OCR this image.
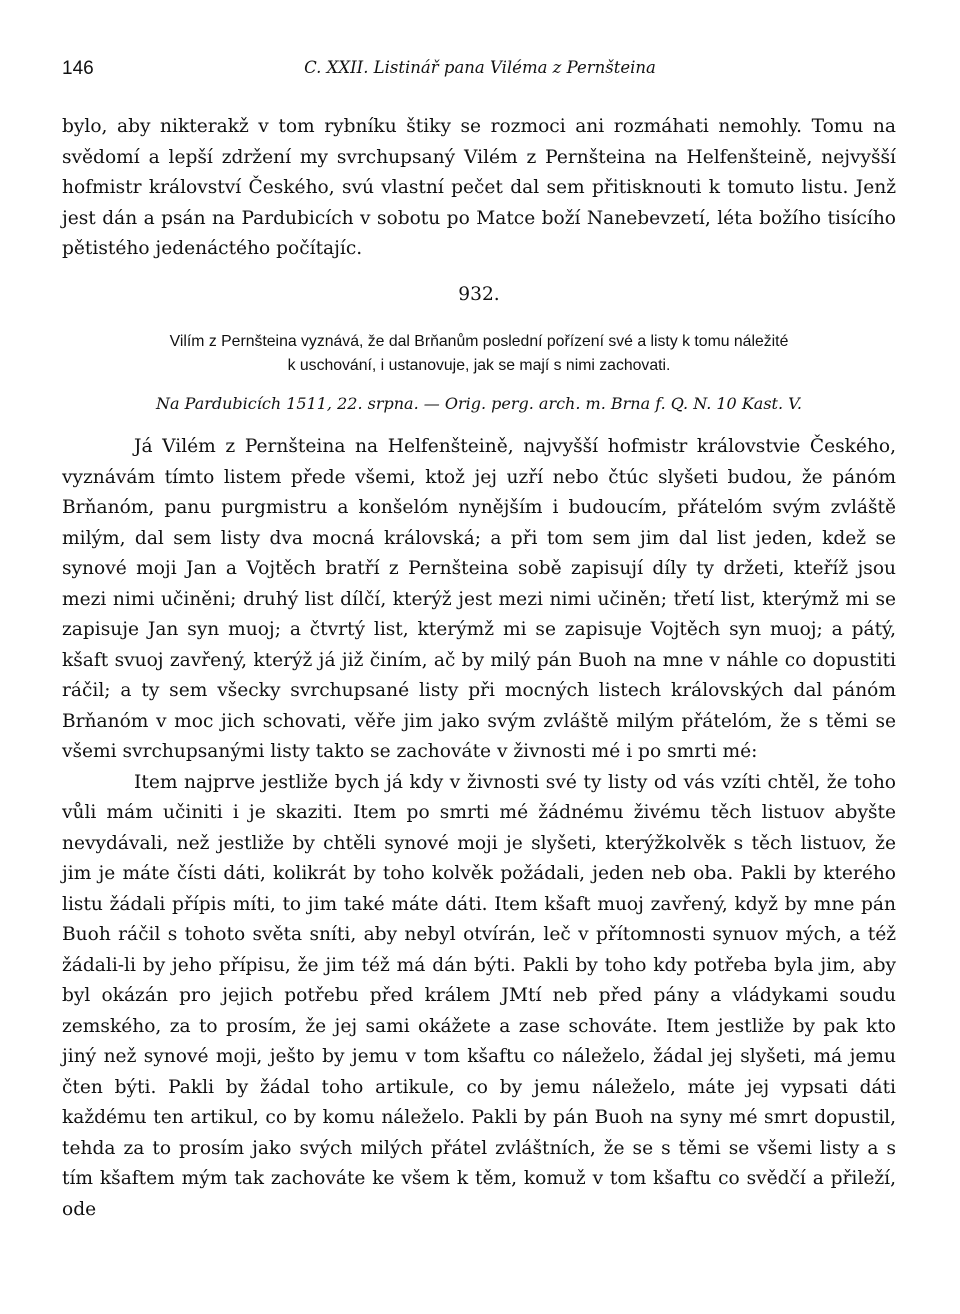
146	C. XXII. Listinář pana Viléma z Pernšteina

bylo, aby nikterakž v tom rybníku štiky se rozmoci ani rozmáhati nemohly. Tomu na svědomí a lepší zdržení my svrchupsaný Vilém z Pernšteina na Helfenšteině, nejvyšší hofmistr království Českého, svú vlastní pečet dal sem přitisknouti k tomuto listu. Jenž jest dán a psán na Pardubicích v sobotu po Matce boží Nanebevzetí, léta božího tisícího pětistého jedenáctého počítajíc.

932.
Vilím z Pernšteina vyznává, že dal Brňanům poslední pořízení své a listy k tomu náležité
k uschování, i ustanovuje, jak se mají s nimi zachovati.
Na Pardubicích 1511, 22. srpna. — Orig. perg. arch. m. Brna f. Q. N. 10 Kast. V.

Já Vilém z Pernšteina na Helfenšteině, najvyšší hofmistr královstvie Českého, vyznávám tímto listem přede všemi, ktož jej uzří nebo čtúc slyšeti budou, že pánóm Brňanóm, panu purgmistru a konšelóm nynějším i budoucím, přátelóm svým zvláště milým, dal sem listy dva mocná královská; a při tom sem jim dal list jeden, kdež se synové moji Jan a Vojtěch bratří z Pernšteina sobě zapisují díly ty držeti, kteříž jsou mezi nimi učiněni; druhý list dílčí, kterýž jest mezi nimi učiněn; třetí list, kterýmž mi se zapisuje Jan syn muoj; a čtvrtý list, kterýmž mi se zapisuje Vojtěch syn muoj; a pátý, kšaft svuoj zavřený, kterýž já již činím, ač by milý pán Buoh na mne v náhle co dopustiti ráčil; a ty sem všecky svrchupsané listy při mocných listech královských dal pánóm Brňanóm v moc jich schovati, věře jim jako svým zvláště milým přátelóm, že s těmi se všemi svrchupsanými listy takto se zachováte v živnosti mé i po smrti mé:

Item najprve jestliže bych já kdy v živnosti své ty listy od vás vzíti chtěl, že toho vůli mám učiniti i je skaziti. Item po smrti mé žádnému živému těch listuov abyšte nevydávali, než jestliže by chtěli synové moji je slyšeti, kterýžkolvěk s těch listuov, že jim je máte čísti dáti, kolikrát by toho kolvěk požádali, jeden neb oba. Pakli by kterého listu žádali přípis míti, to jim také máte dáti. Item kšaft muoj zavřený, když by mne pán Buoh ráčil s tohoto světa sníti, aby nebyl otvírán, leč v přítomnosti synuov mých, a též žádali-li by jeho přípisu, že jim též má dán býti. Pakli by toho kdy potřeba byla jim, aby byl okázán pro jejich potřebu před králem JMtí neb před pány a vládykami soudu zemského, za to prosím, že jej sami okážete a zase schováte. Item jestliže by pak kto jiný než synové moji, ješto by jemu v tom kšaftu co náleželo, žádal jej slyšeti, má jemu čten býti. Pakli by žádal toho artikule, co by jemu náleželo, máte jej vypsati dáti každému ten artikul, co by komu náleželo. Pakli by pán Buoh na syny mé smrt dopustil, tehda za to prosím jako svých milých přátel zvláštních, že se s těmi se všemi listy a s tím kšaftem mým tak zachováte ke všem k těm, komuž v tom kšaftu co svědčí a přileží, ode
